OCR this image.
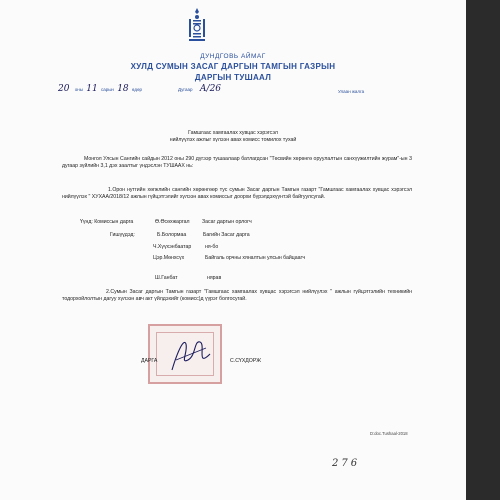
ДУНДГОВЬ АЙМАГ
ХУЛД СУМЫН ЗАСАГ ДАРГЫН ТАМГЫН ГАЗРЫН
ДАРГЫН ТУШААЛ
20 оны 11 сарын 18 өдөр	Дугаар А/26	Улаан жалга
Гамшгаас хамгаалах хувцас хэрэгсэл
нийлүүлэх ажлыг хүлээн авах комисс томилох тухай
Монгол Улсын Сангийн сайдын 2012 оны 290 дүгээр тушаалаар батлагдсан "Төсвийн хөрөнгө оруулалтын санхүүжилтийн журам"-ын 3 дугаар зүйлийн 3,1 дэх заалтыг үндэслэн ТУШААХ нь:
1.Орон нутгийн хөгжлийн сангийн хөрөнгөөр тус сумын Засаг даргын Тамгын газарт "Гамшгаас хамгаалах хувцас хэрэгсэл нийлүүлэх " ХУХАА/2018/12 ажлын гүйцэтгэлийг хүлээн авах комиссыг доорхи бүрэлдэхүүнтэй байгуулсугай.
Үүнд: Комиссын дарга	Ө.Өсөхжаргал Засаг даргын орлогч
Гишүүдэд:	Б.Болормаа	Багийн Засаг дарга
Ч.Хүүхэнбаатар	ня-бо
Цэр.Мөнхсүх	Байгаль орчны хяналтын улсын байцаагч
Ш.Ганбат	нярав
2.Сумын Засаг даргын Тамгын газарт "Гамшгаас хамгаалах хувцас хэрэгсэл нийлүүлэх " ажлын гүйцэтгэлийн техникийн тодорхойлолтын дагуу хүлээн авч акт үйлдэхийг (комисс)д үүрэг болгосугай.
ДАРГА	С.СҮХДОРЖ
D:doc.Tushaal-2018
276
